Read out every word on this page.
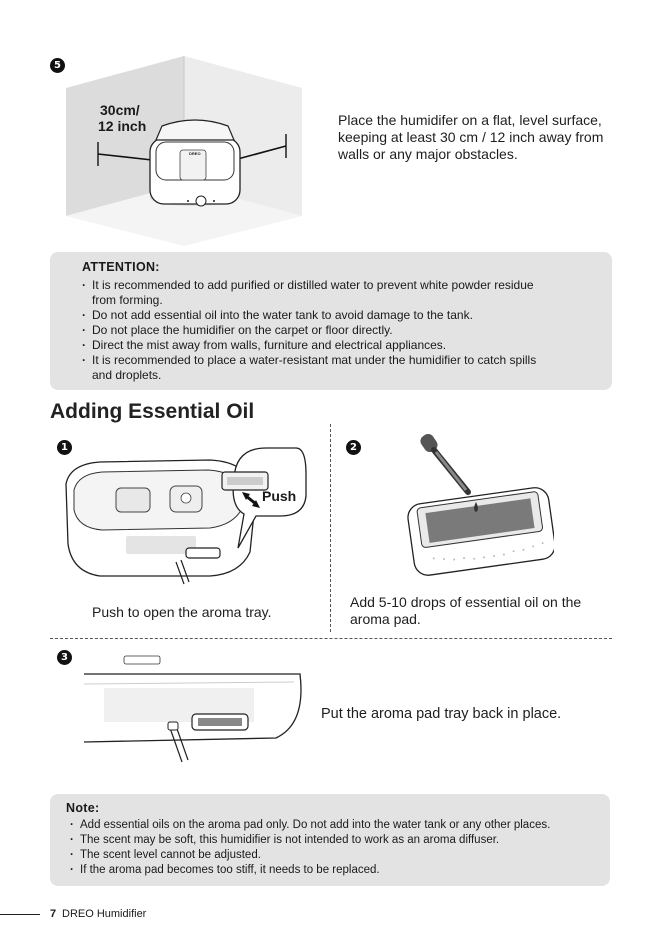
5
30cm/
12 inch
DREO
Place the humidifer on a flat, level surface,
keeping at least 30 cm / 12 inch away from
walls or any major obstacles.
ATTENTION:
· It is recommended to add purified or distilled water to prevent white powder residue
from forming.
· Do not add essential oil into the water tank to avoid damage to the tank.
· Do not place the humidifier on the carpet or floor directly.
· Direct the mist away from walls, furniture and electrical appliances.
· It is recommended to place a water-resistant mat under the humidifier to catch spills
and droplets.
Adding Essential Oil
1
Push
Push to open the aroma tray.
2
Add 5-10 drops of essential oil on the
aroma pad.
3
Put the aroma pad tray back in place.
Note:
· Add essential oils on the aroma pad only. Do not add into the water tank or any other places.
· The scent may be soft, this humidifier is not intended to work as an aroma diffuser.
· The scent level cannot be adjusted.
· If the aroma pad becomes too stiff, it needs to be replaced.
7 DREO Humidifier
